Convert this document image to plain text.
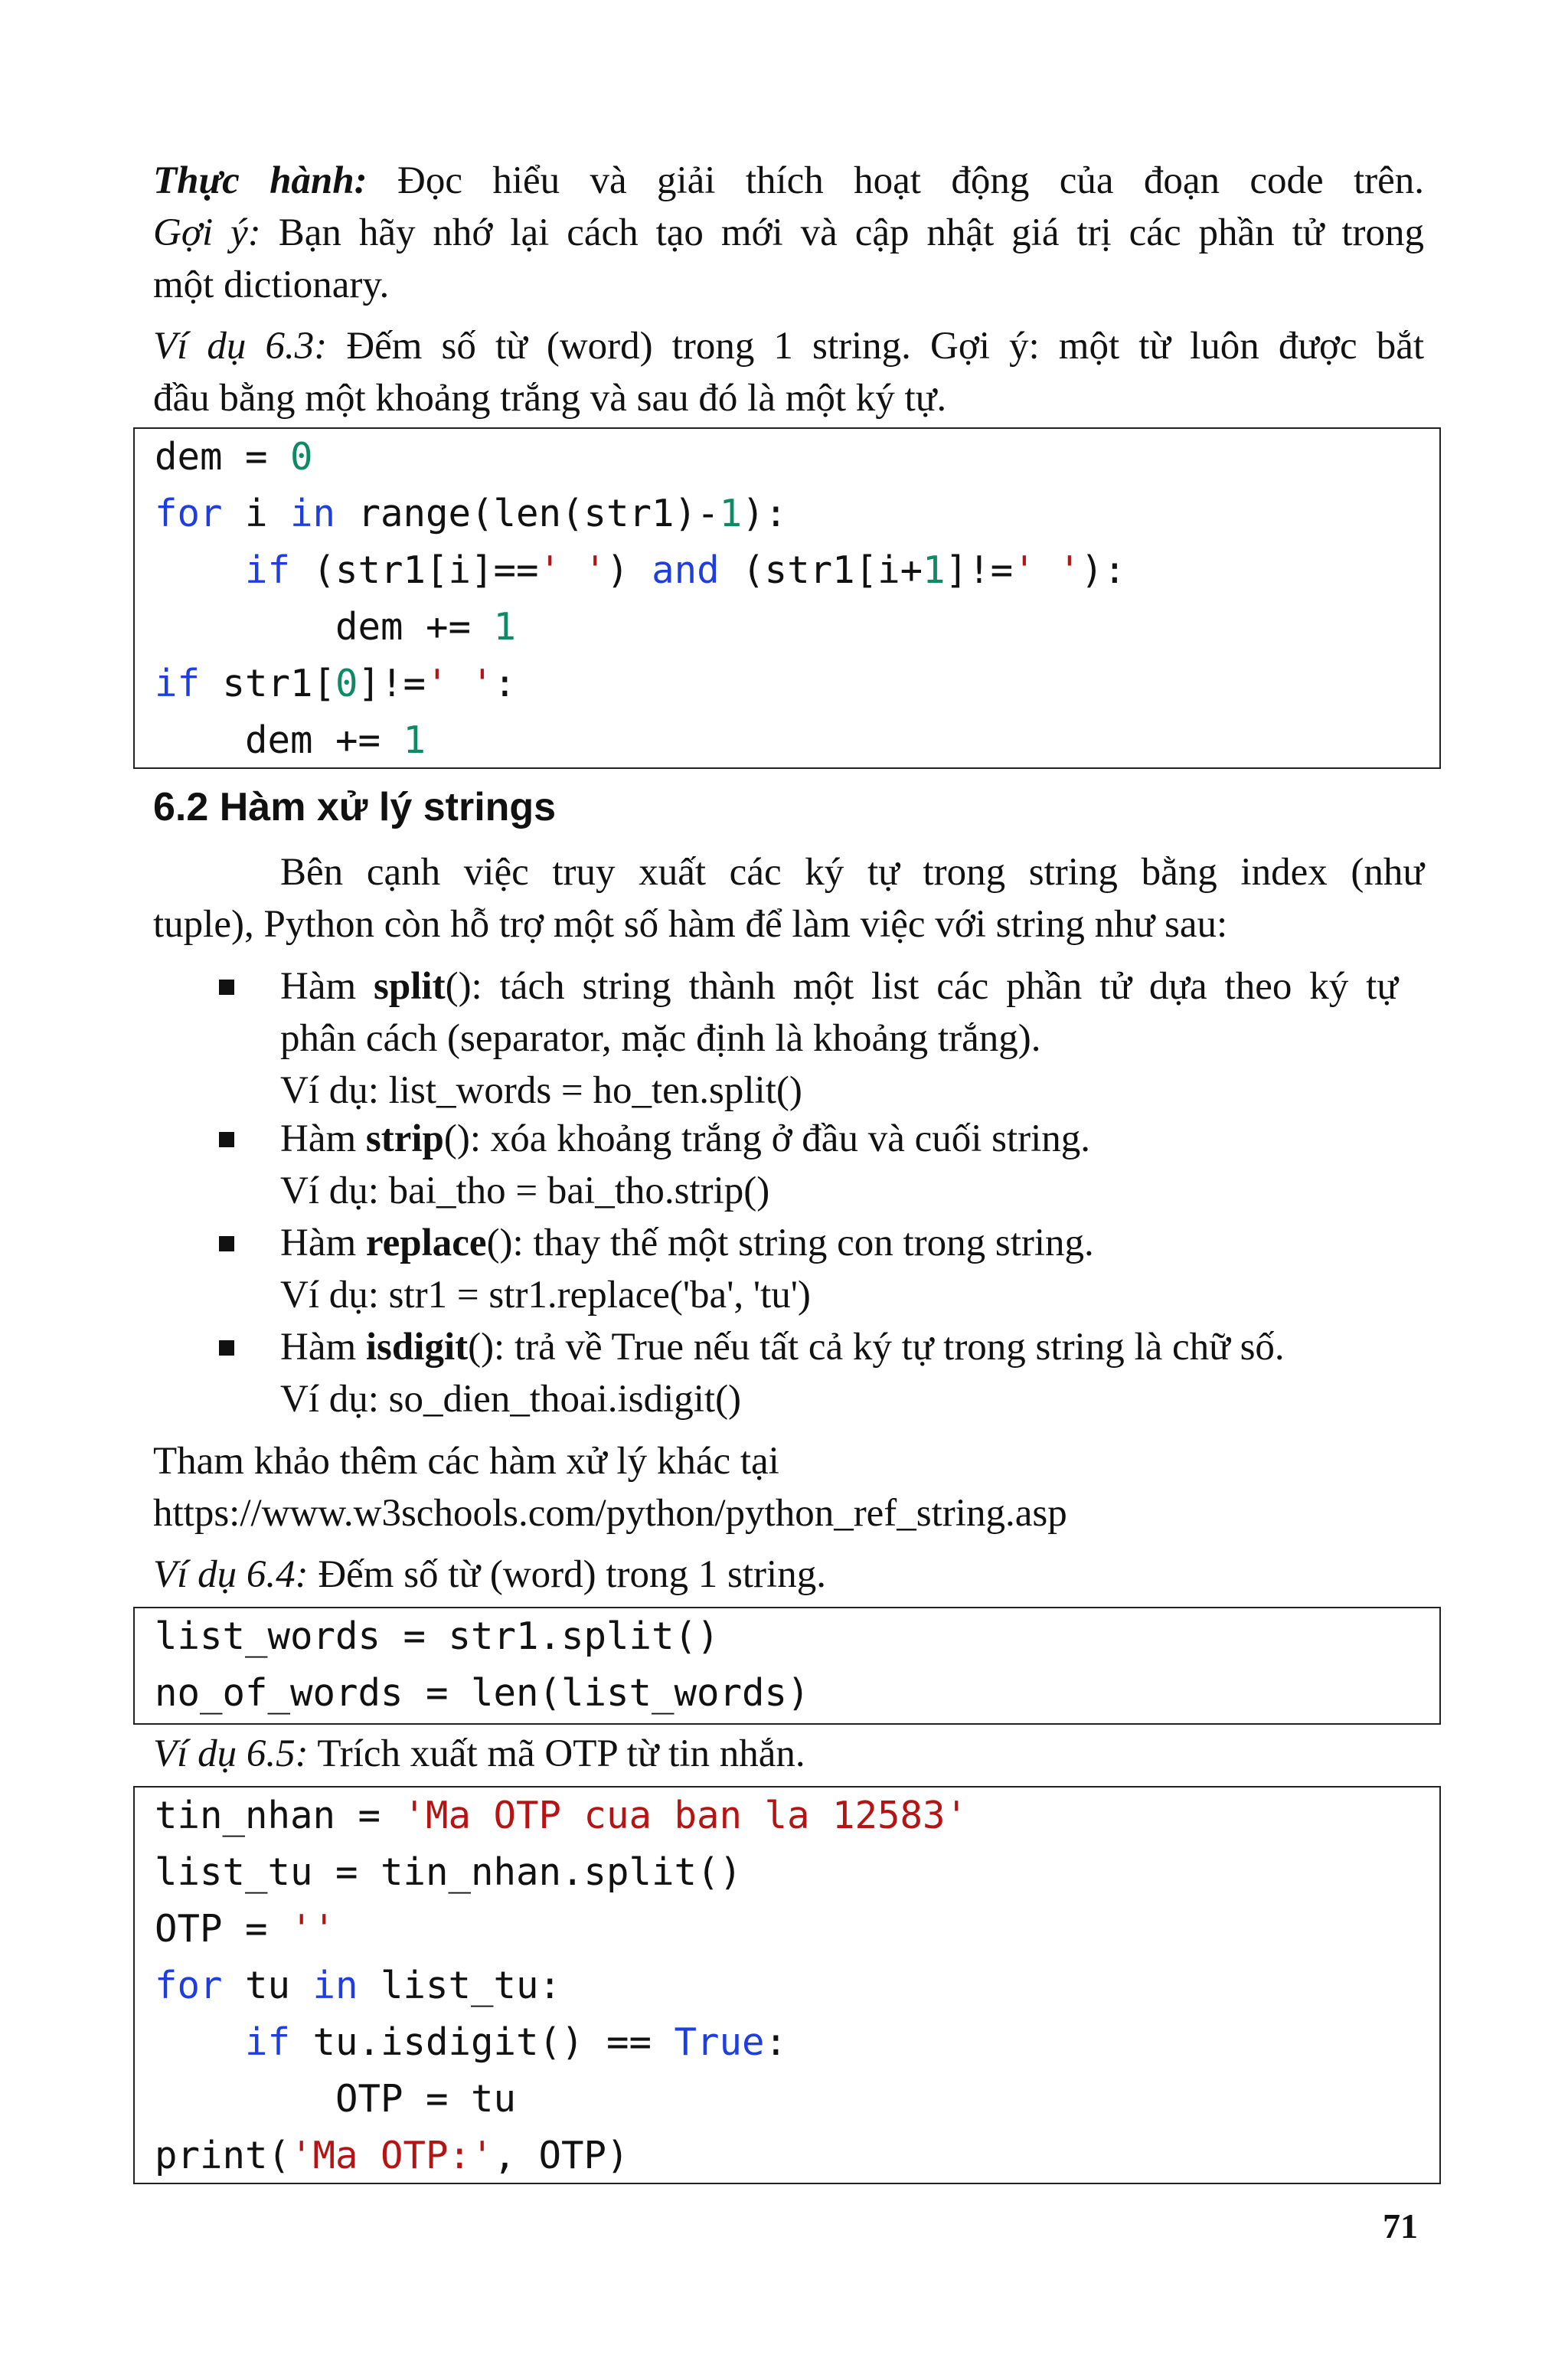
Thực hành: Đọc hiểu và giải thích hoạt động của đoạn code trên.
Gợi ý: Bạn hãy nhớ lại cách tạo mới và cập nhật giá trị các phần tử trong
một dictionary.
Ví dụ 6.3: Đếm số từ (word) trong 1 string. Gợi ý: một từ luôn được bắt
đầu bằng một khoảng trắng và sau đó là một ký tự.
dem = 0
for i in range(len(str1)-1):
if (str1[i]==' ') and (str1[i+1]!=' '):
dem += 1
if str1[0]!=' ':
dem += 1
6.2 Hàm xử lý strings
Bên cạnh việc truy xuất các ký tự trong string bằng index (như
tuple), Python còn hỗ trợ một số hàm để làm việc với string như sau:
Hàm split(): tách string thành một list các phần tử dựa theo ký tự
phân cách (separator, mặc định là khoảng trắng).
Ví dụ: list_words = ho_ten.split()
Hàm strip(): xóa khoảng trắng ở đầu và cuối string.
Ví dụ: bai_tho = bai_tho.strip()
Hàm replace(): thay thế một string con trong string.
Ví dụ: str1 = str1.replace('ba', 'tu')
Hàm isdigit(): trả về True nếu tất cả ký tự trong string là chữ số.
Ví dụ: so_dien_thoai.isdigit()
Tham khảo thêm các hàm xử lý khác tại
https://www.w3schools.com/python/python_ref_string.asp
Ví dụ 6.4: Đếm số từ (word) trong 1 string.
list_words = str1.split()
no_of_words = len(list_words)
Ví dụ 6.5: Trích xuất mã OTP từ tin nhắn.
tin_nhan = 'Ma OTP cua ban la 12583'
list_tu = tin_nhan.split()
OTP = ''
for tu in list_tu:
if tu.isdigit() == True:
OTP = tu
print('Ma OTP:', OTP)
71
